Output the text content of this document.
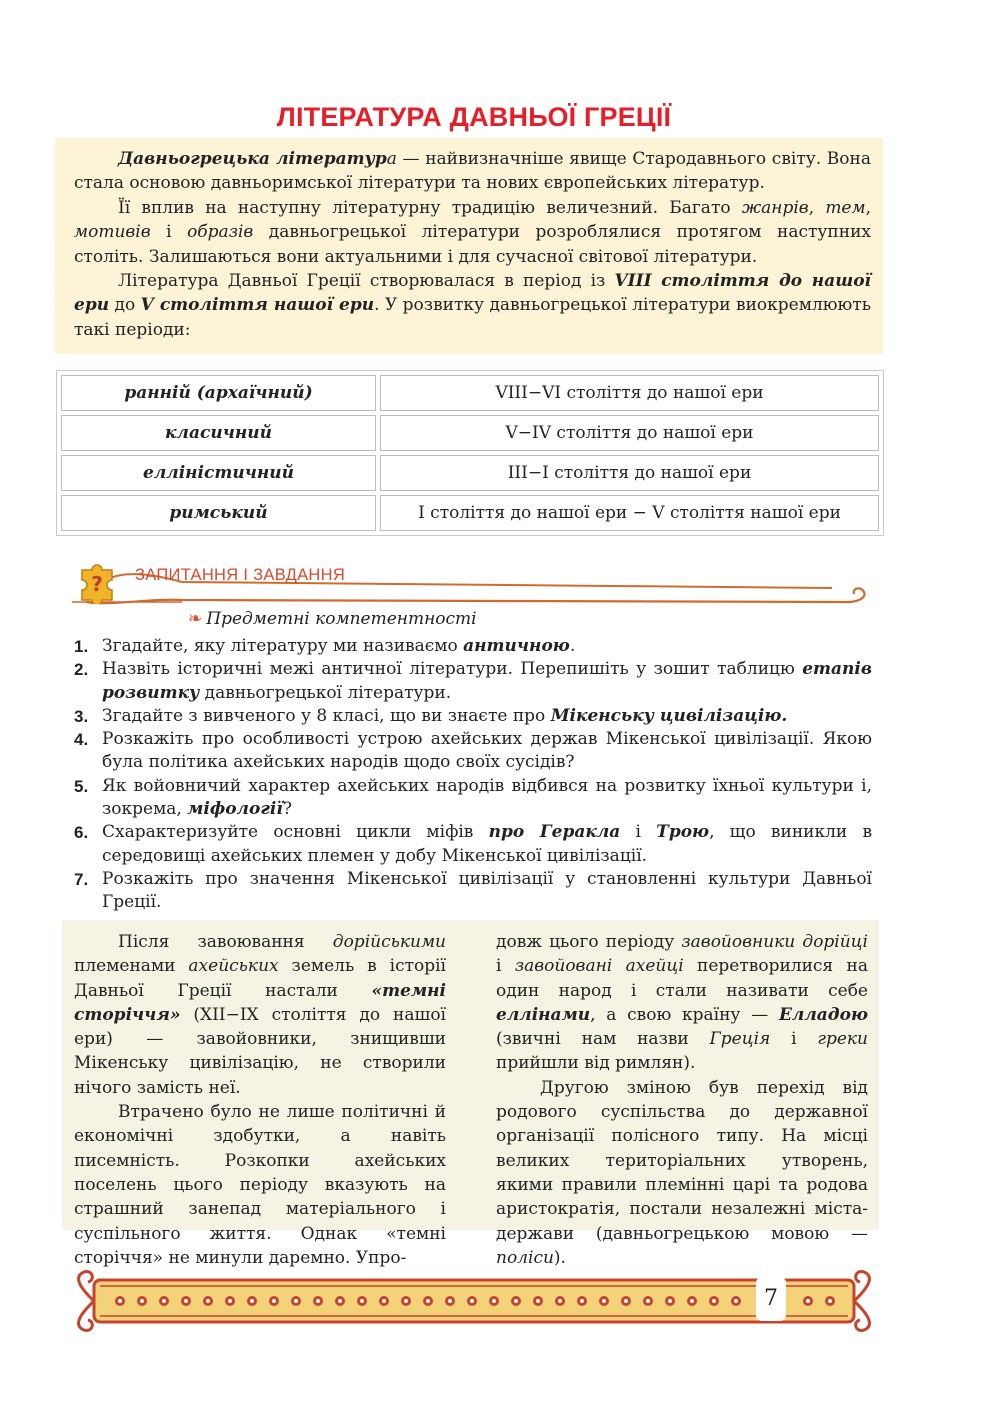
ЛІТЕРАТУРА ДАВНЬОЇ ГРЕЦІЇ

Давньогрецька література — найвизначніше явище Стародавнього світу. Вона стала основою давньоримської літератури та нових європейських літератур.

Її вплив на наступну літературну традицію величезний. Багато жанрів, тем, мотивів і образів давньогрецької літератури розроблялися протягом наступних століть. Залишаються вони актуальними і для сучасної світової літератури.

Література Давньої Греції створювалася в період із VIII століття до нашої ери до V століття нашої ери. У розвитку давньогрецької літератури виокремлюють такі періоди:

ранній (архаїчний)	VIII−VI століття до нашої ери
класичний	V−IV століття до нашої ери
елліністичний	III−I століття до нашої ери
римський	I століття до нашої ери − V століття нашої ери
? ЗАПИТАННЯ І ЗАВДАННЯ
❧ Предметні компетентності
1. Згадайте, яку літературу ми називаємо античною.
2. Назвіть історичні межі античної літератури. Перепишіть у зошит таблицю етапів розвитку давньогрецької літератури.
3. Згадайте з вивченого у 8 класі, що ви знаєте про Мікенську цивілізацію.
4. Розкажіть про особливості устрою ахейських держав Мікенської цивілізації. Якою була політика ахейських народів щодо своїх сусідів?
5. Як войовничий характер ахейських народів відбився на розвитку їхньої культури і, зокрема, міфології?
6. Схарактеризуйте основні цикли міфів про Геракла і Трою, що виникли в середовищі ахейських племен у добу Мікенської цивілізації.
7. Розкажіть про значення Мікенської цивілізації у становленні культури Давньої Греції.

Після завоювання дорійськими племенами ахейських земель в історії Давньої Греції настали «темні сторіччя» (XII−IX століття до нашої ери) — завойовники, знищивши Мікенську цивілізацію, не створили нічого замість неї.

Втрачено було не лише політичні й економічні здобутки, а навіть писемність. Розкопки ахейських поселень цього періоду вказують на страшний занепад матеріального і суспільного життя. Однак «темні сторіччя» не минули даремно. Упро-

довж цього періоду завойовники дорійці і завойовані ахейці перетворилися на один народ і стали називати себе еллінами, а свою країну — Елладою (звичні нам назви Греція і греки прийшли від римлян).

Другою зміною був перехід від родового суспільства до державної організації полісного типу. На місці великих територіальних утворень, якими правили племінні царі та родова аристократія, постали незалежні міста-держави (давньогрецькою мовою — поліси).

7
